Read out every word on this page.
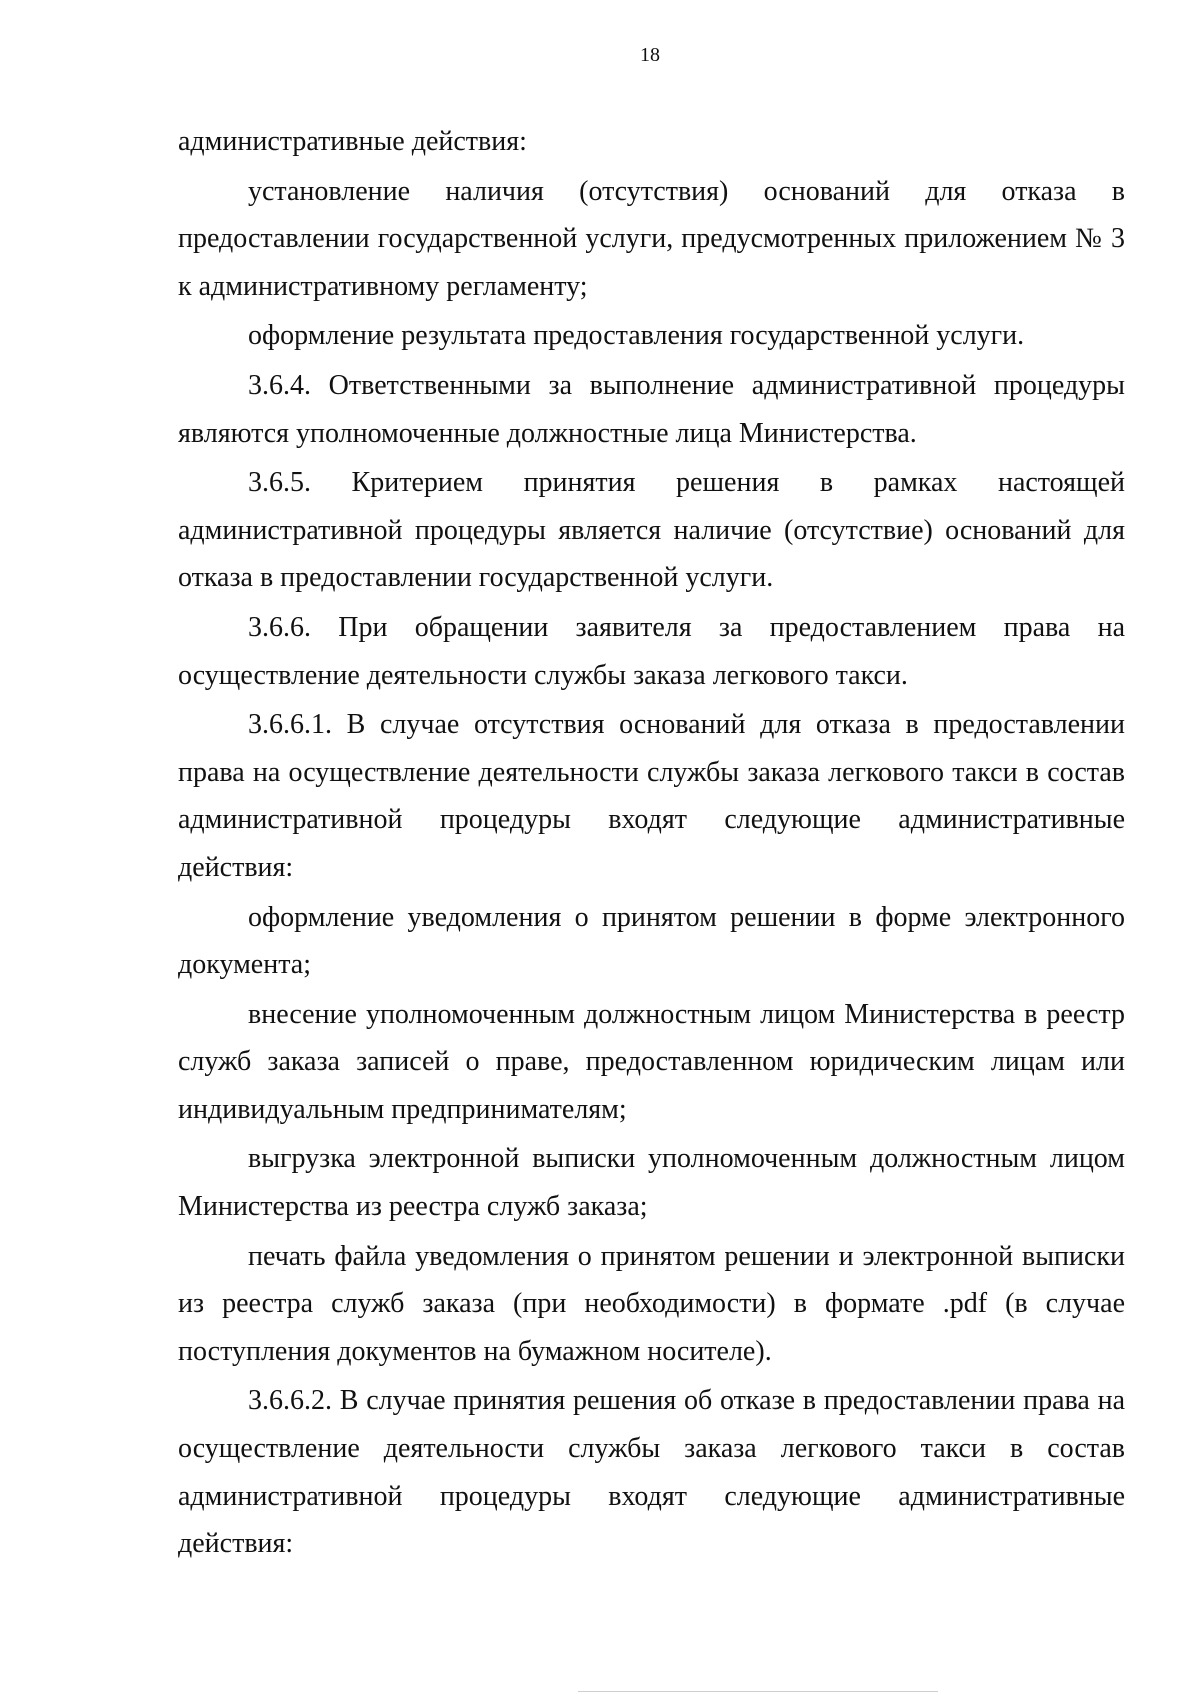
18

административные действия:

установление наличия (отсутствия) оснований для отказа в предоставлении государственной услуги, предусмотренных приложением № 3 к административному регламенту;

оформление результата предоставления государственной услуги.

3.6.4. Ответственными за выполнение административной процедуры являются уполномоченные должностные лица Министерства.

3.6.5. Критерием принятия решения в рамках настоящей административной процедуры является наличие (отсутствие) оснований для отказа в предоставлении государственной услуги.

3.6.6. При обращении заявителя за предоставлением права на осуществление деятельности службы заказа легкового такси.

3.6.6.1. В случае отсутствия оснований для отказа в предоставлении права на осуществление деятельности службы заказа легкового такси в состав административной процедуры входят следующие административные действия:

оформление уведомления о принятом решении в форме электронного документа;

внесение уполномоченным должностным лицом Министерства в реестр служб заказа записей о праве, предоставленном юридическим лицам или индивидуальным предпринимателям;

выгрузка электронной выписки уполномоченным должностным лицом Министерства из реестра служб заказа;

печать файла уведомления о принятом решении и электронной выписки из реестра служб заказа (при необходимости) в формате .pdf (в случае поступления документов на бумажном носителе).

3.6.6.2. В случае принятия решения об отказе в предоставлении права на осуществление деятельности службы заказа легкового такси в состав административной процедуры входят следующие административные действия:
